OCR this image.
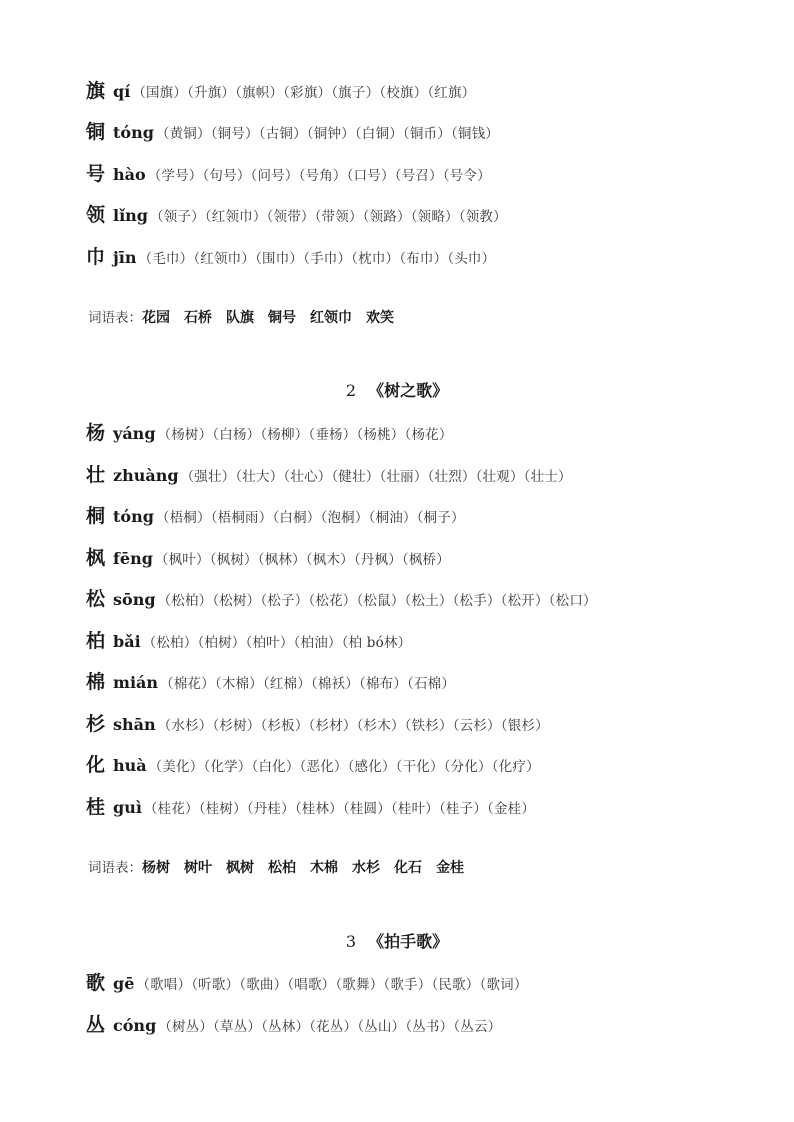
旗 qí （国旗）（升旗）（旗帜）（彩旗）（旗子）（校旗）（红旗）
铜 tóng （黄铜）（铜号）（古铜）（铜钟）（白铜）（铜币）（铜钱）
号 hào （学号）（句号）（问号）（号角）（口号）（号召）（号令）
领 lǐng （领子）（红领巾）（领带）（带领）（领路）（领略）（领教）
巾 jīn （毛巾）（红领巾）（围巾）（手巾）（枕巾）（布巾）（头巾）
词语表： 花园　石桥　队旗　铜号　红领巾　欢笑
2 《树之歌》
杨 yáng （杨树）（白杨）（杨柳）（垂杨）（杨桃）（杨花）
壮 zhuàng （强壮）（壮大）（壮心）（健壮）（壮丽）（壮烈）（壮观）（壮士）
桐 tóng （梧桐）（梧桐雨）（白桐）（泡桐）（桐油）（桐子）
枫 fēng （枫叶）（枫树）（枫林）（枫木）（丹枫）（枫桥）
松 sōng （松柏）（松树）（松子）（松花）（松鼠）（松土）（松手）（松开）（松口）
柏 bǎi （松柏）（柏树）（柏叶）（柏油）（柏 bó林）
棉 mián （棉花）（木棉）（红棉）（棉袄）（棉布）（石棉）
杉 shān （水杉）（杉树）（杉板）（杉材）（杉木）（铁杉）（云杉）（银杉）
化 huà （美化）（化学）（白化）（恶化）（感化）（干化）（分化）（化疗）
桂 guì （桂花）（桂树）（丹桂）（桂林）（桂圆）（桂叶）（桂子）（金桂）
词语表： 杨树　树叶　枫树　松柏　木棉　水杉　化石　金桂
3 《拍手歌》
歌 gē （歌唱）（听歌）（歌曲）（唱歌）（歌舞）（歌手）（民歌）（歌词）
丛 cóng （树丛）（草丛）（丛林）（花丛）（丛山）（丛书）（丛云）
